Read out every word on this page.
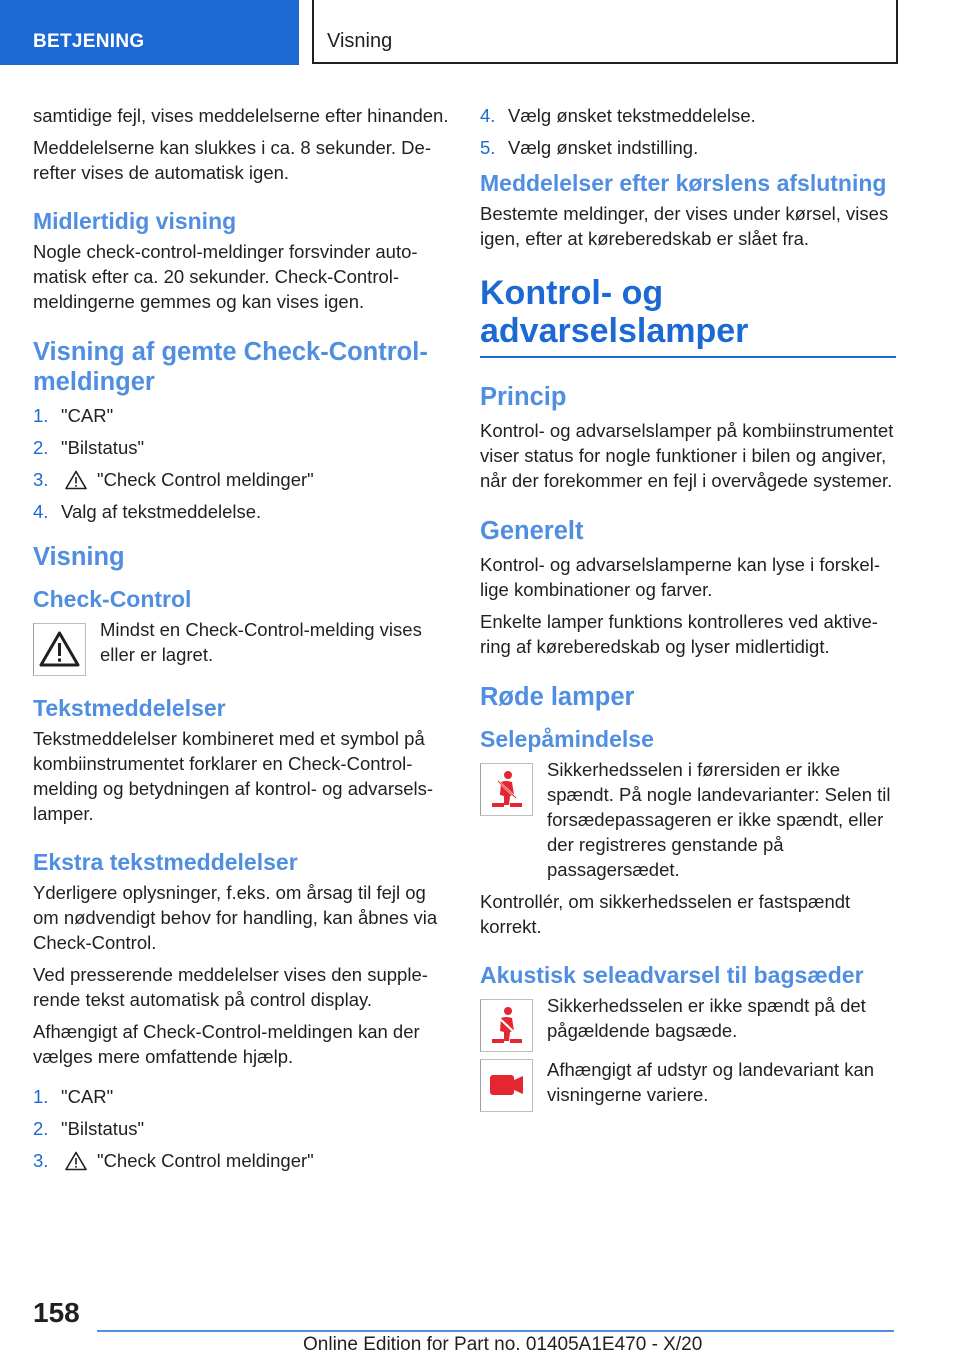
BETJENING	Visning

samtidige fejl, vises meddelelserne efter hinanden.

Meddelelserne kan slukkes i ca. 8 sekunder. Derefter vises de automatisk igen.

Midlertidig visning

Nogle check-control-meldinger forsvinder automatisk efter ca. 20 sekunder. Check-Control-meldingerne gemmes og kan vises igen.

Visning af gemte Check-Control-meldinger
1. "CAR"
2. "Bilstatus"
3.	"Check Control meldinger"
4. Valg af tekstmeddelelse.
Visning
Check-Control

Mindst en Check-Control-melding vises eller er lagret.

Tekstmeddelelser

Tekstmeddelelser kombineret med et symbol på kombiinstrumentet forklarer en Check-Control-melding og betydningen af kontrol- og advarselslamper.

Ekstra tekstmeddelelser

Yderligere oplysninger, f.eks. om årsag til fejl og om nødvendigt behov for handling, kan åbnes via Check-Control.

Ved presserende meddelelser vises den supplerende tekst automatisk på control display.

Afhængigt af Check-Control-meldingen kan der vælges mere omfattende hjælp.

1. "CAR"
2. "Bilstatus"
3.	"Check Control meldinger"
4. Vælg ønsket tekstmeddelelse.
5. Vælg ønsket indstilling.
Meddelelser efter kørslens afslutning

Bestemte meldinger, der vises under kørsel, vises igen, efter at køreberedskab er slået fra.

Kontrol- og advarselslamper
Princip

Kontrol- og advarselslamper på kombiinstrumentet viser status for nogle funktioner i bilen og angiver, når der forekommer en fejl i overvågede systemer.

Generelt

Kontrol- og advarselslamperne kan lyse i forskellige kombinationer og farver.

Enkelte lamper funktions kontrolleres ved aktivering af køreberedskab og lyser midlertidigt.

Røde lamper
Selepåmindelse

Sikkerhedsselen i førersiden er ikke spændt. På nogle landevarianter: Selen til forsædepassageren er ikke spændt, eller der registreres genstande på passagersædet.

Kontrollér, om sikkerhedsselen er fastspændt korrekt.

Akustisk seleadvarsel til bagsæder

Sikkerhedsselen er ikke spændt på det pågældende bagsæde.

Afhængigt af udstyr og landevariant kan visningerne variere.

158
Online Edition for Part no. 01405A1E470 - X/20
